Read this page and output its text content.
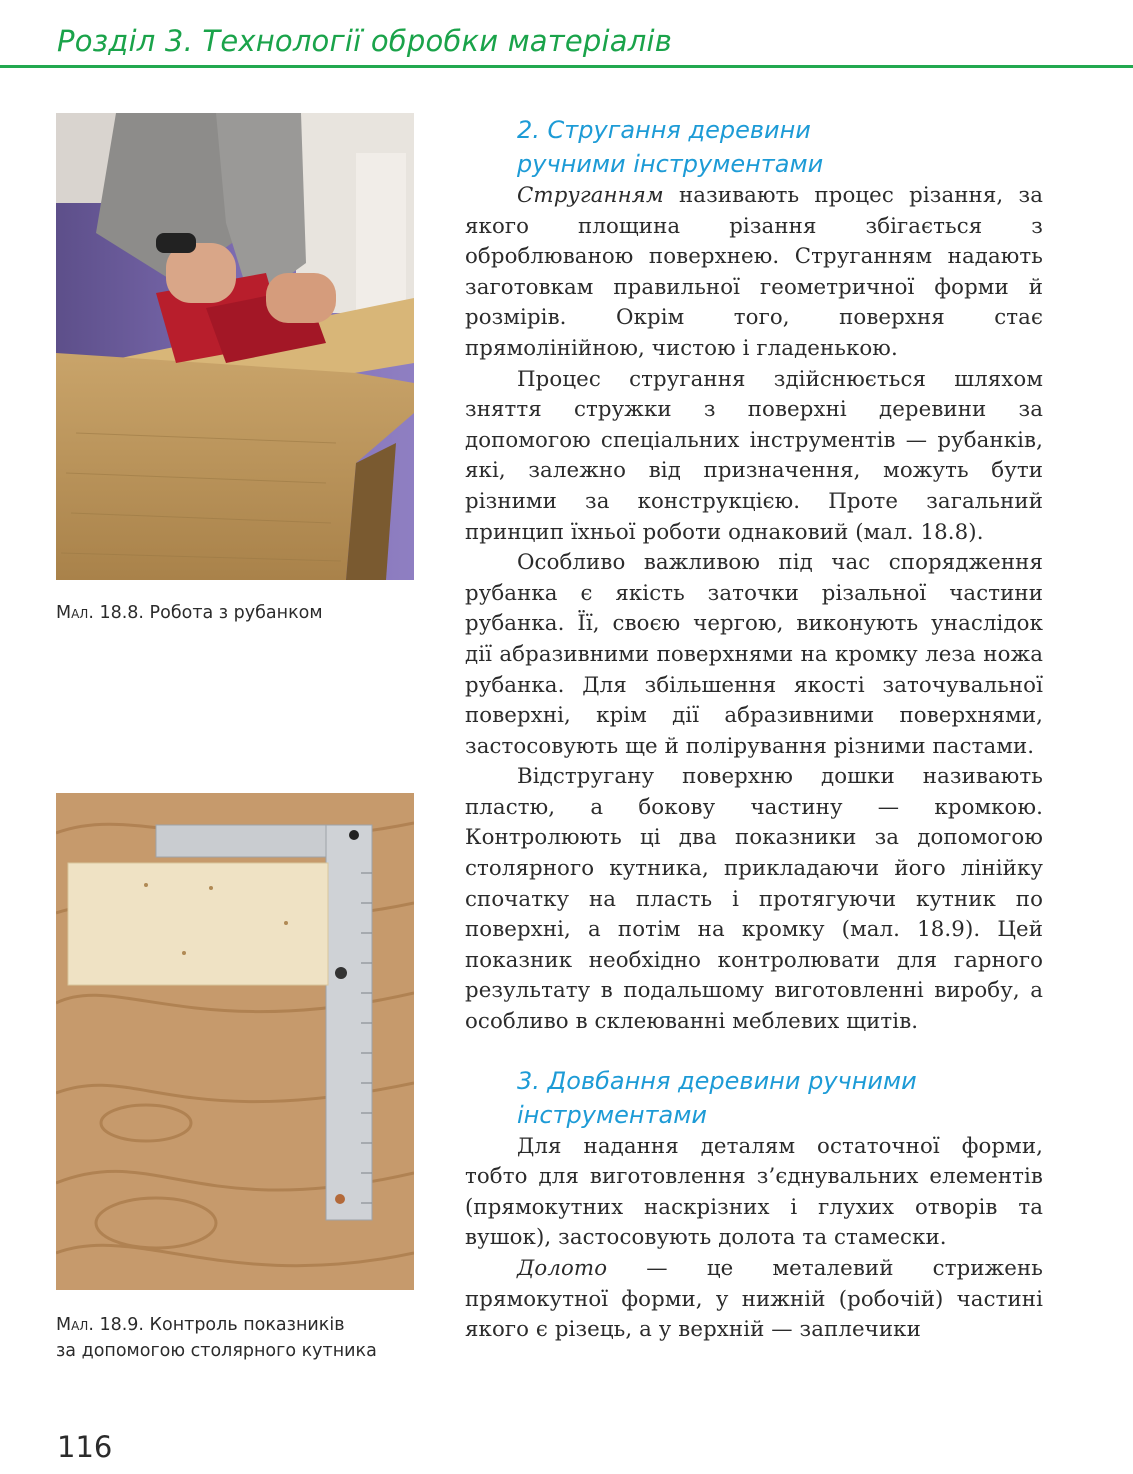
Розділ 3. Технології обробки матеріалів
Мал. 18.8. Робота з рубанком
Мал. 18.9. Контроль показників
за допомогою столярного кутника
2. Стругання деревини
ручними інструментами

Струганням називають процес різання, за якого площина різання збігається з оброблюваною поверхнею. Струганням надають заготовкам правильної геометричної форми й розмірів. Окрім того, поверхня стає прямолінійною, чистою і гладенькою.

Процес стругання здійснюється шляхом зняття стружки з поверхні деревини за допомогою спеціальних інструментів — рубанків, які, залежно від призначення, можуть бути різними за конструкцією. Проте загальний принцип їхньої роботи однаковий (мал. 18.8).

Особливо важливою під час спорядження рубанка є якість заточки різальної частини рубанка. Її, своєю чергою, виконують унаслідок дії абразивними поверхнями на кромку леза ножа рубанка. Для збільшення якості заточувальної поверхні, крім дії абразивними поверхнями, застосовують ще й полірування різними пастами.

Відстругану поверхню дошки називають пластю, а бокову частину — кромкою. Контролюють ці два показники за допомогою столярного кутника, прикладаючи його лінійку спочатку на пласть і протягуючи кутник по поверхні, а потім на кромку (мал. 18.9). Цей показник необхідно контролювати для гарного результату в подальшому виготовленні виробу, а особливо в склеюванні меблевих щитів.

3. Довбання деревини ручними
інструментами

Для надання деталям остаточної форми, тобто для виготовлення з’єднувальних елементів (прямокутних наскрізних і глухих отворів та вушок), застосовують долота та стамески.

Долото — це металевий стрижень прямокутної форми, у нижній (робочій) частині якого є різець, а у верхній — заплечики

116
